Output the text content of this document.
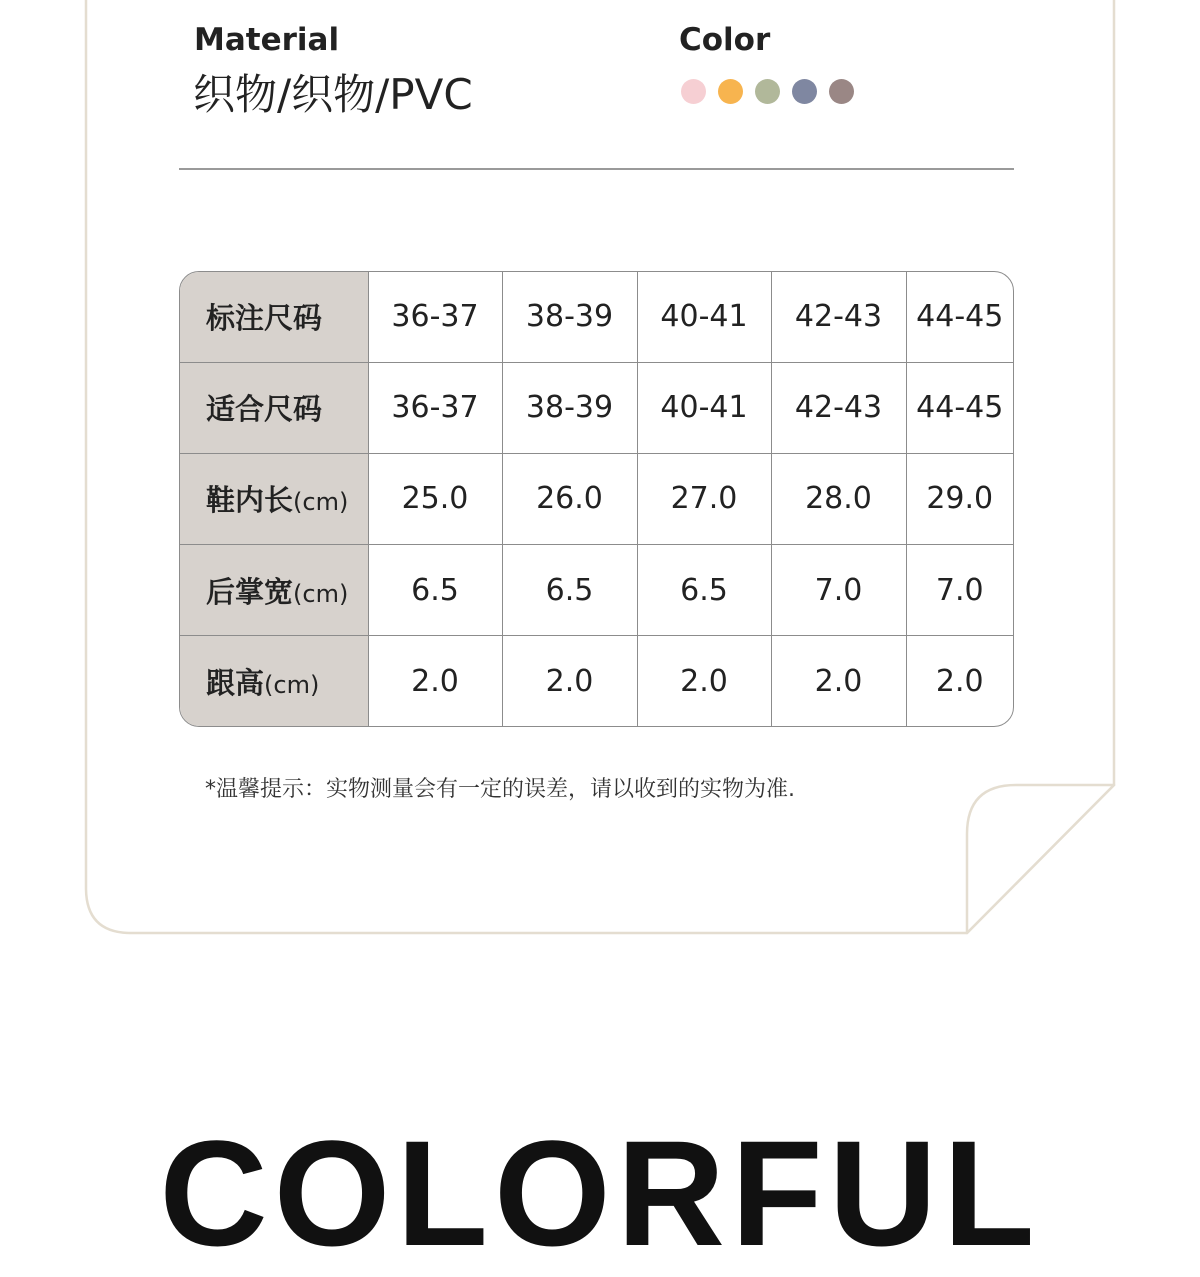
Material
织物/织物/PVC
Color
标注尺码	36-37	38-39	40-41	42-43	44-45
适合尺码	36-37	38-39	40-41	42-43	44-45
鞋内长(cm)	25.0	26.0	27.0	28.0	29.0
后掌宽(cm)	6.5	6.5	6.5	7.0	7.0
跟高(cm)	2.0	2.0	2.0	2.0	2.0
*温馨提示：实物测量会有一定的误差，请以收到的实物为准.
COLORFUL
